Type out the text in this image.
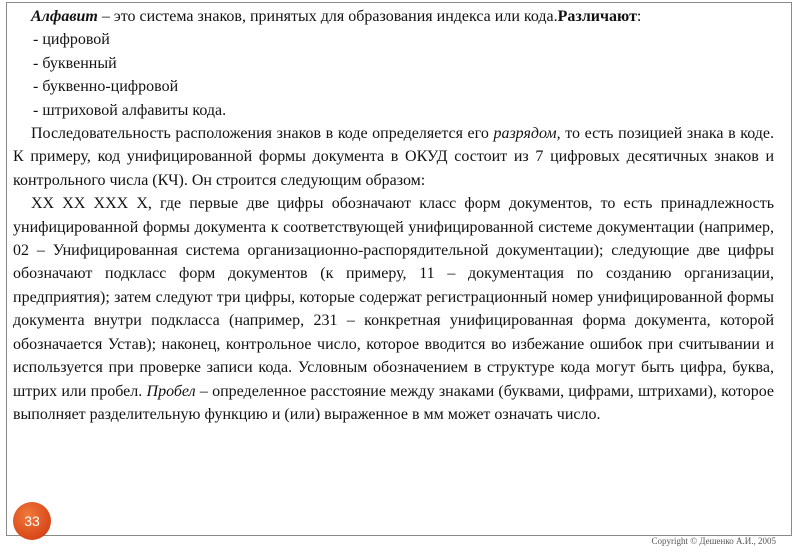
Алфавит – это система знаков, принятых для образования индекса или кода.Различают:

- цифровой

- буквенный

- буквенно-цифровой

- штриховой алфавиты кода.

Последовательность расположения знаков в коде определяется его разрядом, то есть позицией знака в коде. К примеру, код унифицированной формы документа в ОКУД состоит из 7 цифровых десятичных знаков и контрольного числа (КЧ). Он строится следующим образом:

XX XX XXX X, где первые две цифры обозначают класс форм документов, то есть принадлежность унифицированной формы документа к соответствующей унифицированной системе документации (например, 02 – Унифицированная система организационно-распорядительной документации); следующие две цифры обозначают подкласс форм документов (к примеру, 11 – документация по созданию организации, предприятия); затем следуют три цифры, которые содержат регистрационный номер унифицированной формы документа внутри подкласса (например, 231 – конкретная унифицированная форма документа, которой обозначается Устав); наконец, контрольное число, которое вводится во избежание ошибок при считывании и используется при проверке записи кода. Условным обозначением в структуре кода могут быть цифра, буква, штрих или пробел. Пробел – определенное расстояние между знаками (буквами, цифрами, штрихами), которое выполняет разделительную функцию и (или) выраженное в мм может означать число.

33
Copyright © Дешенко А.И., 2005
